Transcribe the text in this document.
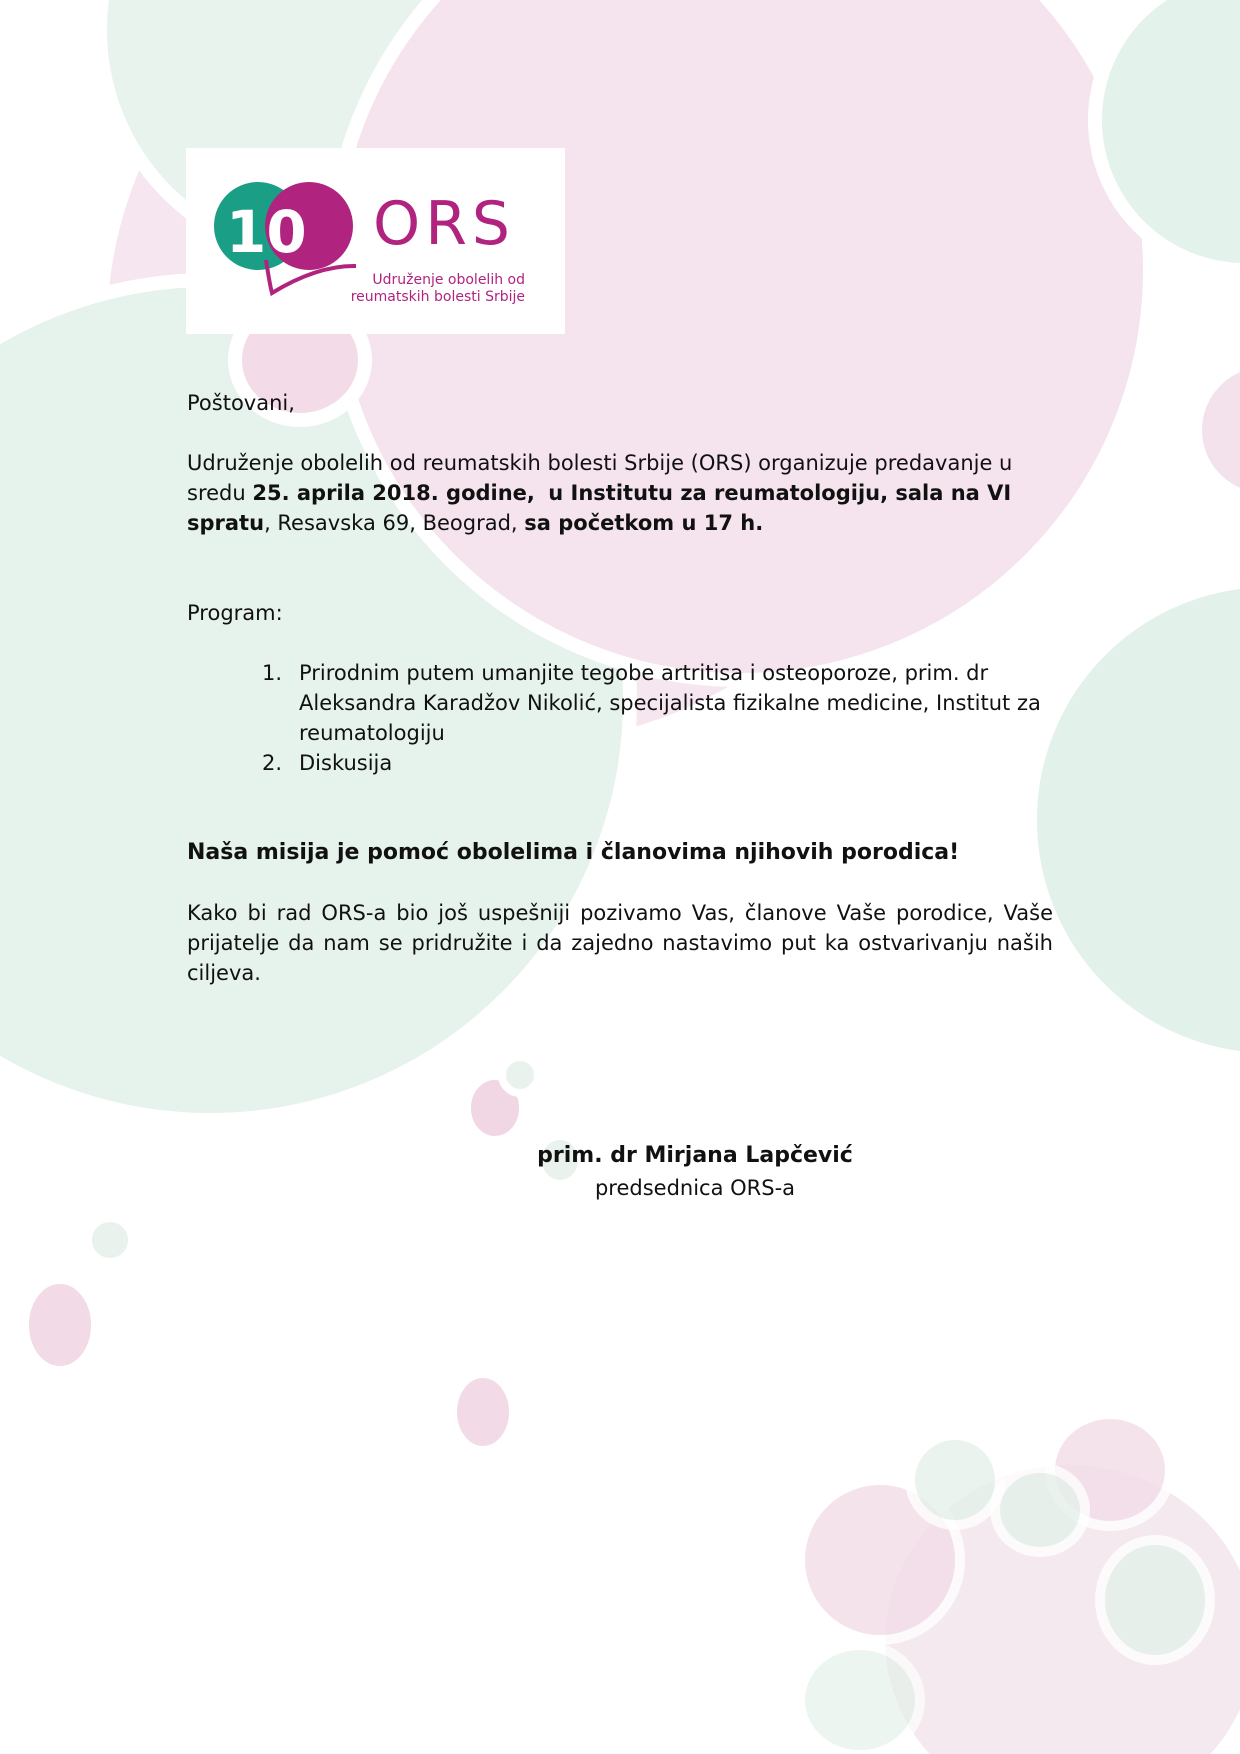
10 ORS
Udruženje obolelih od
reumatskih bolesti Srbije

Poštovani,

Udruženje obolelih od reumatskih bolesti Srbije (ORS) organizuje predavanje u sredu 25. aprila 2018. godine, u Institutu za reumatologiju, sala na VI spratu, Resavska 69, Beograd, sa početkom u 17 h.

Program:

1. Prirodnim putem umanjite tegobe artritisa i osteoporoze, prim. dr Aleksandra Karadžov Nikolić, specijalista fizikalne medicine, Institut za reumatologiju
2. Diskusija

Naša misija je pomoć obolelima i članovima njihovih porodica!

Kako bi rad ORS-a bio još uspešniji pozivamo Vas, članove Vaše porodice, Vaše prijatelje da nam se pridružite i da zajedno nastavimo put ka ostvarivanju naših ciljeva.

prim. dr Mirjana Lapčević
predsednica ORS-a
